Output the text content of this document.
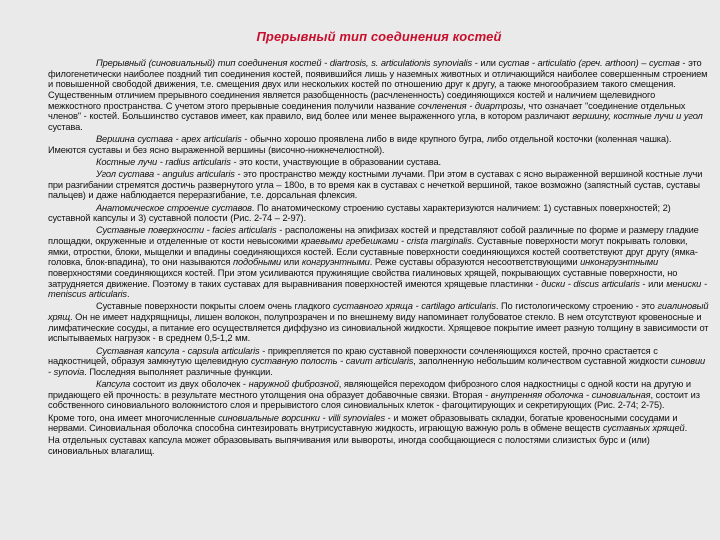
Прерывный тип соединения костей

Прерывный (синовиальный) тип соединения костей - diartrosis, s. articulationis synovialis - или сустав - articulatio (греч. arthoon) – сустав - это филогенетически наиболее поздний тип соединения костей, появившийся лишь у наземных животных и отличающийся наиболее совершенным строением и повышенной свободой движения, т.е. смещения двух или нескольких костей по отношению друг к другу, а также многообразием такого смещения. Существенным отличием прерывного соединения является разобщенность (расчлененность) соединяющихся костей и наличием щелевидного межкостного пространства. С учетом этого прерывные соединения получили название сочленения - диартрозы, что означает "соединение отдельных членов" - костей. Большинство суставов имеет, как правило, вид более или менее выраженного угла, в котором различают вершину, костные лучи и угол сустава.

Вершина сустава - apex articularis - обычно хорошо проявлена либо в виде крупного бугра, либо отдельной косточки (коленная чашка). Имеются суставы и без ясно выраженной вершины (височно-нижнечелюстной).

Костные лучи - radius articularis - это кости, участвующие в образовании сустава.

Угол сустава - angulus articularis - это пространство между костными лучами. При этом в суставах с ясно выраженной вершиной костные лучи при разгибании стремятся достичь развернутого угла – 180о, в то время как в суставах с нечеткой вершиной, такое возможно (запястный сустав, суставы пальцев) и даже наблюдается переразгибание, т.е. дорсальная флексия.

Анатомическое строение суставов. По анатомическому строению суставы характеризуются наличием: 1) суставных поверхностей; 2) суставной капсулы и 3) суставной полости (Рис. 2-74 – 2-97).

Суставные поверхности - facies articularis - расположены на эпифизах костей и представляют собой различные по форме и размеру гладкие площадки, окруженные и отделенные от кости невысокими краевыми гребешками - crista marginalis. Суставные поверхности могут покрывать головки, ямки, отростки, блоки, мыщелки и впадины соединяющихся костей. Если суставные поверхности соединяющихся костей соответствуют друг другу (ямка-головка, блок-впадина), то они называются подобными или конгруэнтными. Реже суставы образуются несоответствующими инконгруэнтными поверхностями соединяющихся костей. При этом усиливаются пружинящие свойства гиалиновых хрящей, покрывающих суставные поверхности, но затрудняется движение. Поэтому в таких суставах для выравнивания поверхностей имеются хрящевые пластинки - диски - discus articularis - или мениски - meniscus articularis.

Суставные поверхности покрыты слоем очень гладкого суставного хряща - cartilago articularis. По гистологическому строению - это гиалиновый хрящ. Он не имеет надхрящницы, лишен волокон, полупрозрачен и по внешнему виду напоминает голубоватое стекло. В нем отсутствуют кровеносные и лимфатические сосуды, а питание его осуществляется диффузно из синовиальной жидкости. Хрящевое покрытие имеет разную толщину в зависимости от испытываемых нагрузок - в среднем 0,5-1,2 мм.

Суставная капсула - capsula articularis - прикрепляется по краю суставной поверхности сочленяющихся костей, прочно срастается с надкостницей, образуя замкнутую щелевидную суставную полость - cavum articularis, заполненную небольшим количеством суставной жидкости синовии - synovia. Последняя выполняет различные функции.

Капсула состоит из двух оболочек - наружной фиброзной, являющейся переходом фиброзного слоя надкостницы с одной кости на другую и придающего ей прочность: в результате местного утолщения она образует добавочные связки. Вторая - внутренняя оболочка - синовиальная, состоит из собственного синовиального волокнистого слоя и прерывистого слоя синовиальных клеток - фагоцитирующих и секретирующих (Рис. 2-74; 2-75).

Кроме того, она имеет многочисленные синовиальные ворсинки - villi synoviales - и может образовывать складки, богатые кровеносными сосудами и нервами. Синовиальная оболочка способна синтезировать внутрисуставную жидкость, играющую важную роль в обмене веществ суставных хрящей.

На отдельных суставах капсула может образовывать выпячивания или вывороты, иногда сообщающиеся с полостями слизистых бурс и (или) синовиальных влагалищ.
